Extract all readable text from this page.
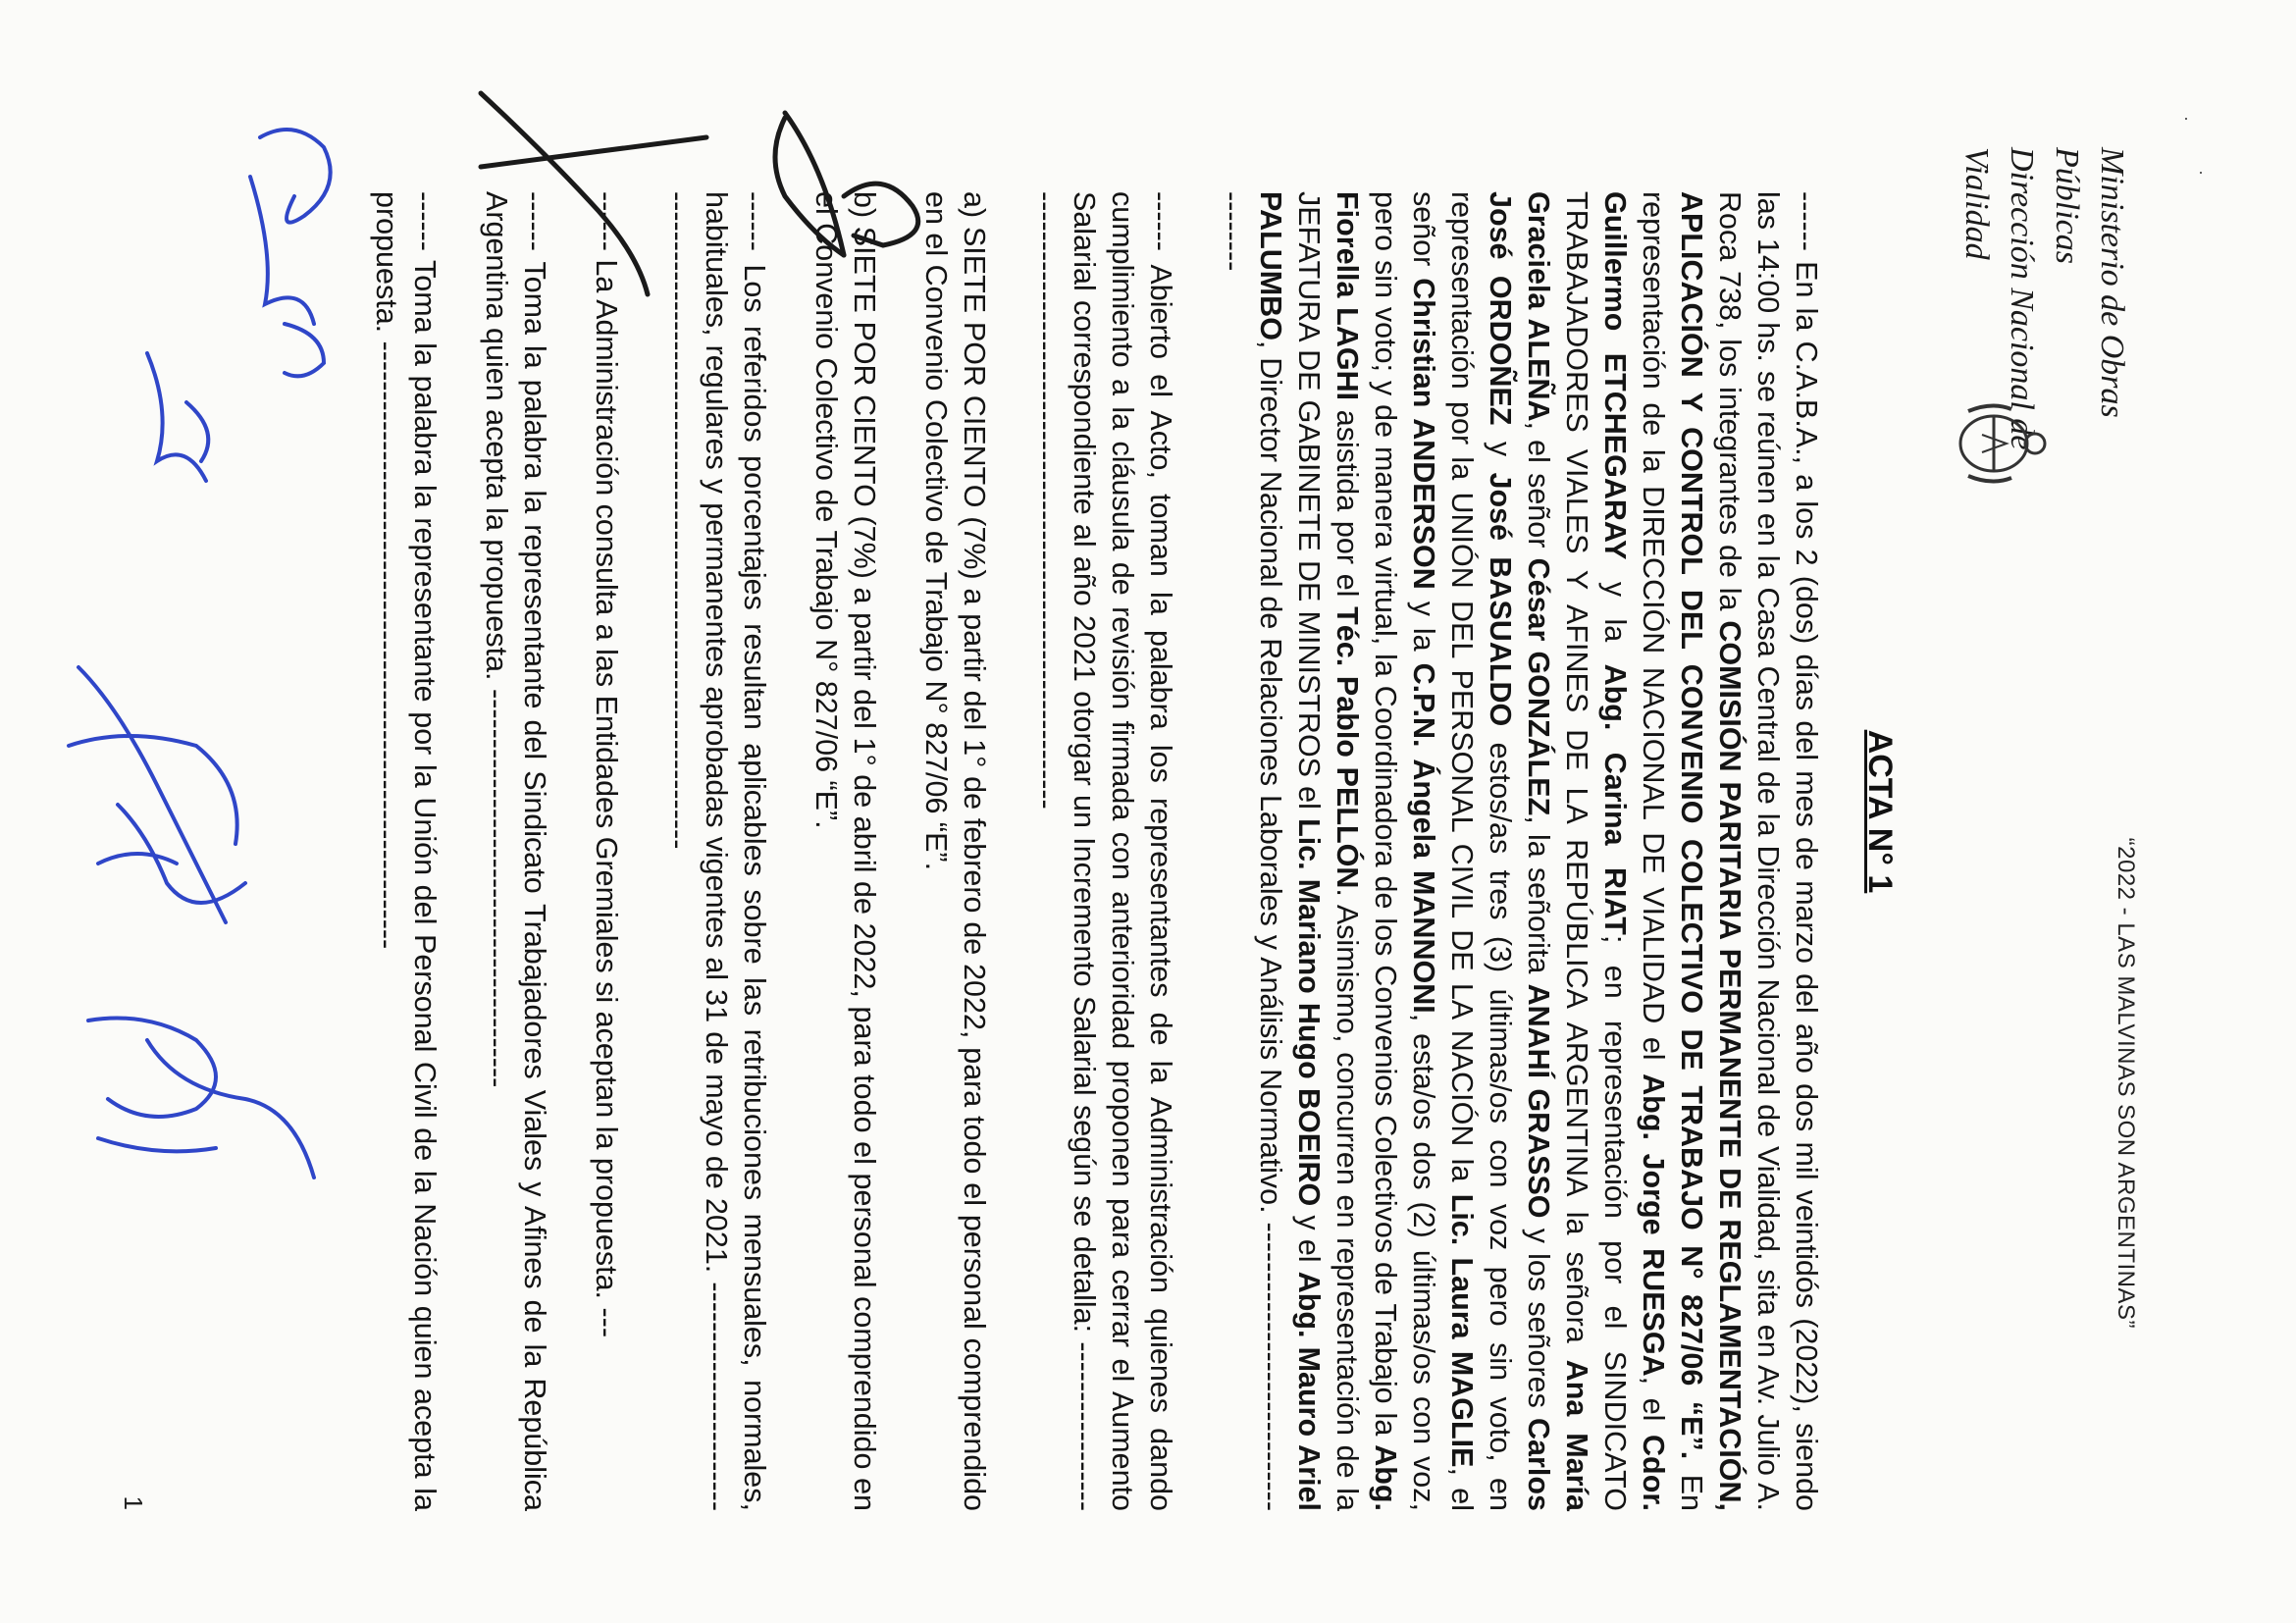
“2022 - LAS MALVINAS SON ARGENTINAS”
Ministerio de Obras Públicas
Dirección Nacional de Vialidad
ACTA N° 1

------ En la C.A.B.A., a los 2 (dos) días del mes de marzo del año dos mil veintidós (2022), siendo las 14:00 hs. se reúnen en la Casa Central de la Dirección Nacional de Vialidad, sita en Av. Julio A. Roca 738, los integrantes de la COMISIÓN PARITARIA PERMANENTE DE REGLAMENTACIÓN, APLICACIÓN Y CONTROL DEL CONVENIO COLECTIVO DE TRABAJO N° 827/06 “E”. En representación de la DIRECCIÓN NACIONAL DE VIALIDAD el Abg. Jorge RUESGA, el Cdor. Guillermo ETCHEGARAY y la Abg. Carina RIAT; en representación por el SINDICATO TRABAJADORES VIALES Y AFINES DE LA REPÚBLICA ARGENTINA la señora Ana María Graciela ALEÑA, el señor César GONZÁLEZ, la señorita ANAHÍ GRASSO y los señores Carlos José ORDOÑEZ y José BASUALDO estos/as tres (3) últimas/os con voz pero sin voto, en representación por la UNIÓN DEL PERSONAL CIVIL DE LA NACIÓN la Lic. Laura MAGLIE, el señor Christian ANDERSON y la C.P.N. Ángela MANNONI, esta/os dos (2) últimas/os con voz, pero sin voto; y de manera virtual, la Coordinadora de los Convenios Colectivos de Trabajo la Abg. Fiorella LAGHI asistida por el Téc. Pablo PELLÓN. Asimismo, concurren en representación de la JEFATURA DE GABINETE DE MINISTROS el Lic. Mariano Hugo BOEIRO y el Abg. Mauro Ariel PALUMBO, Director Nacional de Relaciones Laborales y Análisis Normativo. -------------------------------------

------ Abierto el Acto, toman la palabra los representantes de la Administración quienes dando cumplimiento a la cláusula de revisión firmada con anterioridad proponen para cerrar el Aumento Salarial correspondiente al año 2021 otorgar un Incremento Salarial según se detalla: -------------------------------------------------------------------------------

a) SIETE POR CIENTO (7%) a partir del 1° de febrero de 2022, para todo el personal comprendido en el Convenio Colectivo de Trabajo N° 827/06 “E”.

b) SIETE POR CIENTO (7%) a partir del 1° de abril de 2022, para todo el personal comprendido en el Convenio Colectivo de Trabajo N° 827/06 “E”.

------ Los referidos porcentajes resultan aplicables sobre las retribuciones mensuales, normales, habituales, regulares y permanentes aprobadas vigentes al 31 de mayo de 2021. -----------------------------------------------------------------------------------------

------ La Administración consulta a las Entidades Gremiales si aceptan la propuesta. ---

------ Toma la palabra la representante del Sindicato Trabajadores Viales y Afines de la República Argentina quien acepta la propuesta. ----------------------------------------

------ Toma la palabra la representante por la Unión del Personal Civil de la Nación quien acepta la propuesta. -------------------------------------------------------------

1
·
·
